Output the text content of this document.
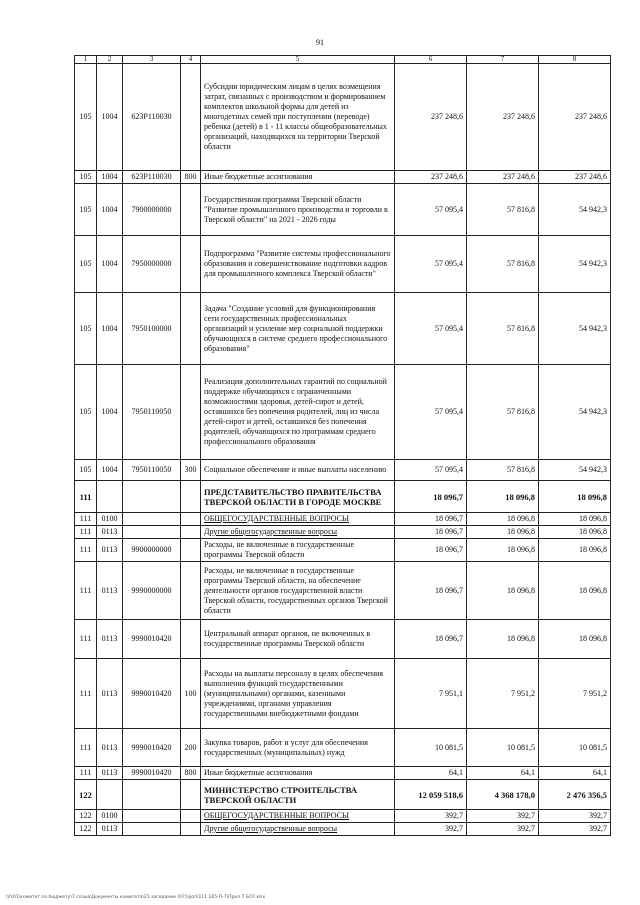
91
1	2	3	4	5	6	7	8
105	1004	623P110030		Субсидии юридическим лицам в целях возмещения затрат, связанных с производством и формированием комплектов школьной формы для детей из многодетных семей при поступлении (переводе) ребенка (детей) в 1 - 11 классы общеобразовательных организаций, находящихся на территории Тверской области	237 248,6	237 248,6	237 248,6
105	1004	623P110030	800	Иные бюджетные ассигнования	237 248,6	237 248,6	237 248,6
105	1004	7900000000		Государственная программа Тверской области "Развитие промышленного производства и торговли в Тверской области" на 2021 - 2026 годы	57 095,4	57 816,8	54 942,3
105	1004	7950000000		Подпрограмма "Развитие системы профессионального образования и совершенствование подготовки кадров для промышленного комплекса Тверской области"	57 095,4	57 816,8	54 942,3
105	1004	7950100000		Задача "Создание условий для функционирования сети государственных профессиональных организаций и усиление мер социальной поддержки обучающихся в системе среднего профессионального образования"	57 095,4	57 816,8	54 942,3
105	1004	7950110050		Реализация дополнительных гарантий по социальной поддержке обучающихся с ограниченными возможностями здоровья, детей-сирот и детей, оставшихся без попечения родителей, лиц из числа детей-сирот и детей, оставшихся без попечения родителей, обучающихся по программам среднего профессионального образования	57 095,4	57 816,8	54 942,3
105	1004	7950110050	300	Социальное обеспечение и иные выплаты населению	57 095,4	57 816,8	54 942,3
111				ПРЕДСТАВИТЕЛЬСТВО ПРАВИТЕЛЬСТВА ТВЕРСКОЙ ОБЛАСТИ В ГОРОДЕ МОСКВЕ	18 096,7	18 096,8	18 096,8
111	0100			ОБЩЕГОСУДАРСТВЕННЫЕ ВОПРОСЫ	18 096,7	18 096,8	18 096,8
111	0113			Другие общегосударственные вопросы	18 096,7	18 096,8	18 096,8
111	0113	9900000000		Расходы, не включенные в государственные программы Тверской области	18 096,7	18 096,8	18 096,8
111	0113	9990000000		Расходы, не включенные в государственные программы Тверской области, на обеспечение деятельности органов государственной власти Тверской области, государственных органов Тверской области	18 096,7	18 096,8	18 096,8
111	0113	9990010420		Центральный аппарат органов, не включенных в государственные программы Тверской области	18 096,7	18 096,8	18 096,8
111	0113	9990010420	100	Расходы на выплаты персоналу в целях обеспечения выполнения функций государственными (муниципальными) органами, казенными учреждениями, органами управления государственными внебюджетными фондами	7 951,1	7 951,2	7 951,2
111	0113	9990010420	200	Закупка товаров, работ и услуг для обеспечения государственных (муниципальных) нужд	10 081,5	10 081,5	10 081,5
111	0113	9990010420	800	Иные бюджетные ассигнования	64,1	64,1	64,1
122				МИНИСТЕРСТВО СТРОИТЕЛЬСТВА ТВЕРСКОЙ ОБЛАСТИ	12 059 518,6	4 368 178,0	2 476 356,5
122	0100			ОБЩЕГОСУДАРСТВЕННЫЕ ВОПРОСЫ	392,7	392,7	392,7
122	0113			Другие общегосударственные вопросы	392,7	392,7	392,7
\\fs01\комитет по бюджету\7 созыв\Документы комитета\21 заседание (07)\доп\111 165-П-7\Прил 7 БСР.xlsx
